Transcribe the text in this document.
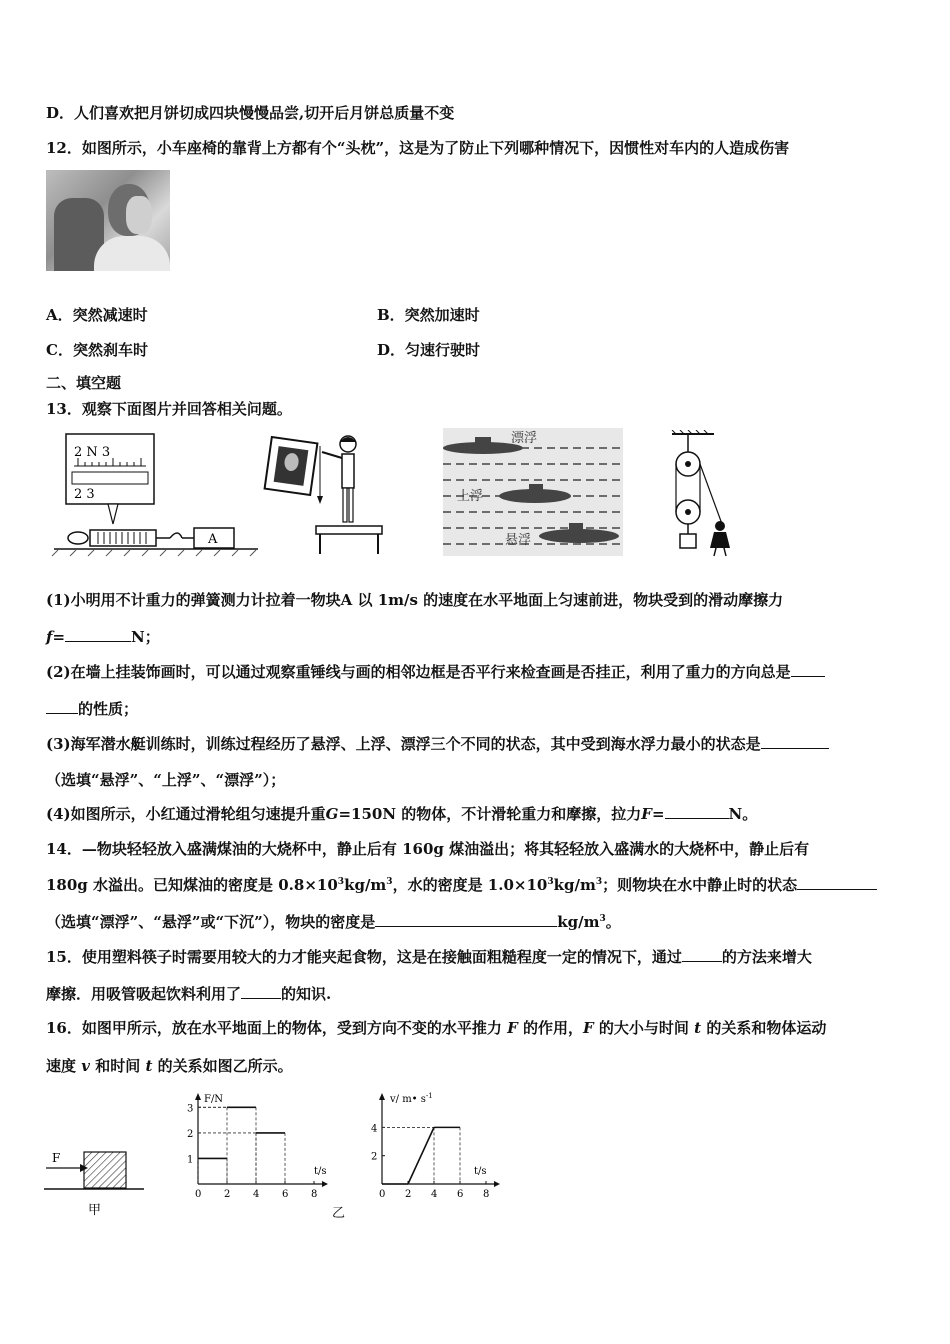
D．人们喜欢把月饼切成四块慢慢品尝,切开后月饼总质量不变
12．如图所示，小车座椅的靠背上方都有个“头枕”，这是为了防止下列哪种情况下，因惯性对车内的人造成伤害
A．突然减速时	B．突然加速时
C．突然刹车时	D．匀速行驶时
二、填空题
13．观察下面图片并回答相关问题。
2 N 3
2 3
A
漂浮
上浮
悬浮
(1)小明用不计重力的弹簧测力计拉着一物块A 以 1m/s 的速度在水平地面上匀速前进，物块受到的滑动摩擦力
f=	N；
(2)在墙上挂装饰画时，可以通过观察重锤线与画的相邻边框是否平行来检查画是否挂正，利用了重力的方向总是
的性质；
(3)海军潜水艇训练时，训练过程经历了悬浮、上浮、漂浮三个不同的状态，其中受到海水浮力最小的状态是
（选填“悬浮”、“上浮”、“漂浮”）；
(4)如图所示，小红通过滑轮组匀速提升重G=150N 的物体，不计滑轮重力和摩擦，拉力F=	N。
14．—物块轻轻放入盛满煤油的大烧杯中，静止后有 160g 煤油溢出；将其轻轻放入盛满水的大烧杯中，静止后有
180g 水溢出。已知煤油的密度是 $0.8\times 10^3kg/m^3$，水的密度是 $1.0\times 10^3kg/m^3$；则物块在水中静止时的状态
（选填“漂浮”、“悬浮”或“下沉”），物块的密度是	$kg/m^3$。
15．使用塑料筷子时需要用较大的力才能夹起食物，这是在接触面粗糙程度一定的情况下，通过	的方法来增大
摩擦．用吸管吸起饮料利用了	的知识.
16．如图甲所示，放在水平地面上的物体，受到方向不变的水平推力 F 的作用，F 的大小与时间 t 的关系和物体运动
速度 v 和时间 t 的关系如图乙所示。
F
甲
F/N
t/s
0 2 4 6 8
1
2
3
v/ m• $s^{-1}$
t/s
0 2 4 6 8
2
4
乙
